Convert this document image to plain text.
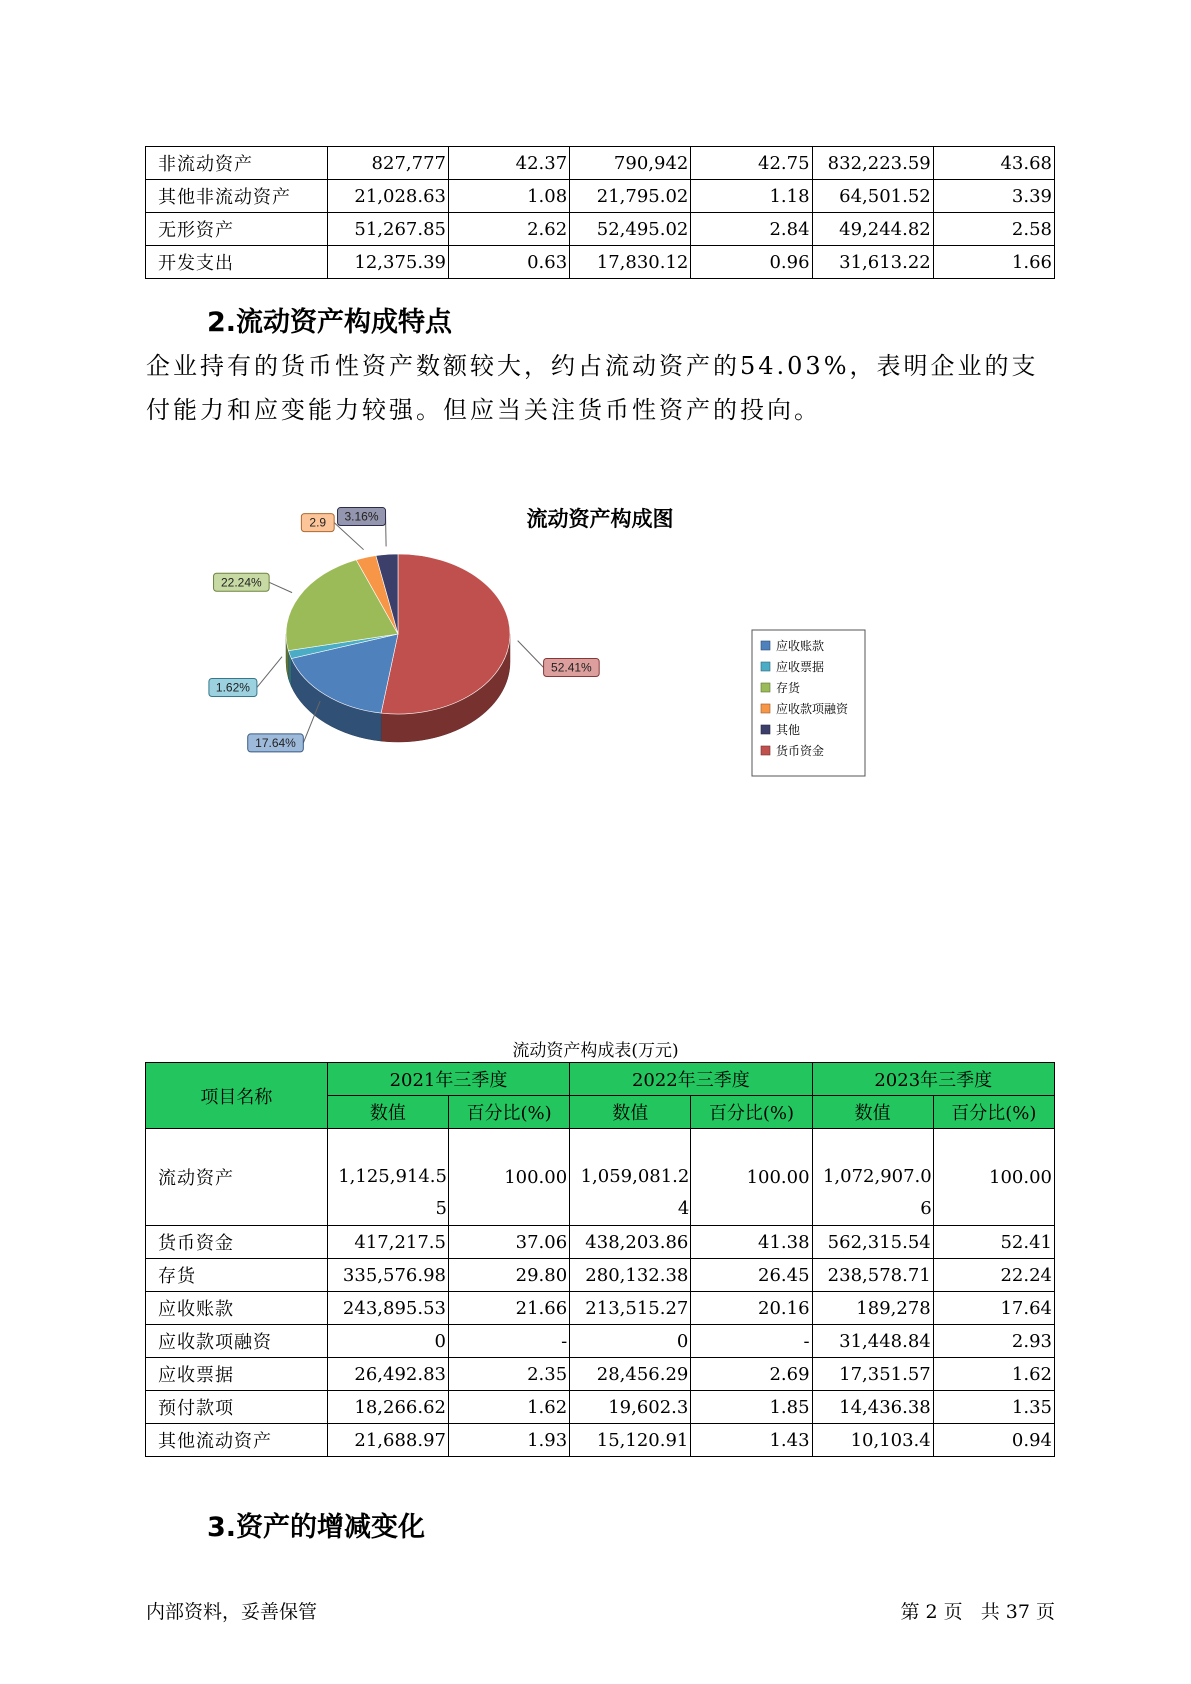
非流动资产	827,777	42.37	790,942	42.75	832,223.59	43.68
其他非流动资产	21,028.63	1.08	21,795.02	1.18	64,501.52	3.39
无形资产	51,267.85	2.62	52,495.02	2.84	49,244.82	2.58
开发支出	12,375.39	0.63	17,830.12	0.96	31,613.22	1.66
2.流动资产构成特点
企业持有的货币性资产数额较大，约占流动资产的54.03%，表明企业的支付能力和应变能力较强。但应当关注货币性资产的投向。
流动资产构成图
52.41%
17.64%
1.62%
22.24%
2.9 3.16%
应收账款
应收票据
存货
应收款项融资
其他
货币资金
流动资产构成表(万元)
项目名称	2021年三季度		2022年三季度		2023年三季度	
	数值	百分比(%)	数值	百分比(%)	数值	百分比(%)
流动资产	1,125,914.55	100.00	1,059,081.24	100.00	1,072,907.06	100.00
货币资金	417,217.5	37.06	438,203.86	41.38	562,315.54	52.41
存货	335,576.98	29.80	280,132.38	26.45	238,578.71	22.24
应收账款	243,895.53	21.66	213,515.27	20.16	189,278	17.64
应收款项融资	0	-	0	-	31,448.84	2.93
应收票据	26,492.83	2.35	28,456.29	2.69	17,351.57	1.62
预付款项	18,266.62	1.62	19,602.3	1.85	14,436.38	1.35
其他流动资产	21,688.97	1.93	15,120.91	1.43	10,103.4	0.94
3.资产的增减变化
内部资料，妥善保管	第 2 页   共 37 页
